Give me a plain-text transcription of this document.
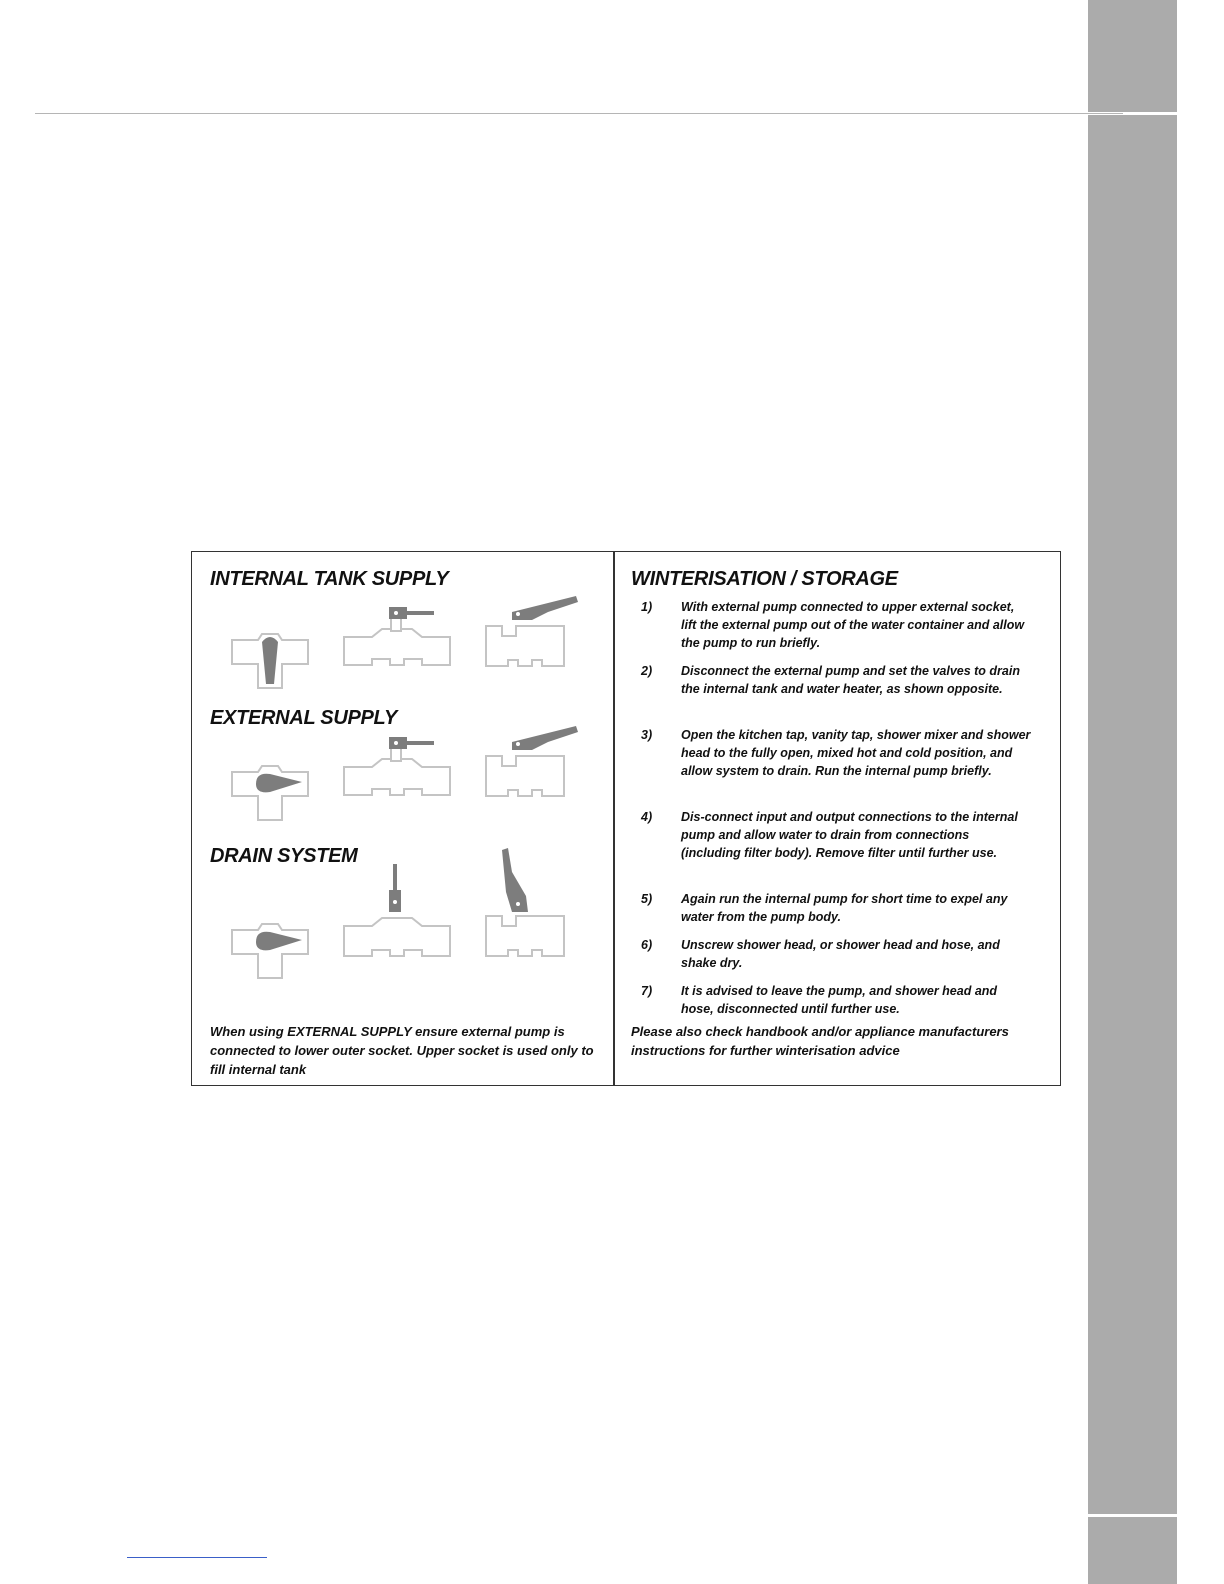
INTERNAL TANK SUPPLY
EXTERNAL SUPPLY
DRAIN SYSTEM
When using EXTERNAL SUPPLY ensure external pump is connected to lower outer socket. Upper socket is used only to fill internal tank
WINTERISATION / STORAGE
1)	With external pump connected to upper external socket, lift the external pump out of the water container and allow the pump to run briefly.
2)	Disconnect the external pump and set the valves to drain the internal tank and water heater, as shown opposite.
3)	Open the kitchen tap, vanity tap, shower mixer and shower head to the fully open, mixed hot and cold position, and allow system to drain. Run the internal pump briefly.
4)	Dis-connect input and output connections to the internal pump and allow water to drain from connections (including filter body). Remove filter until further use.
5)	Again run the internal pump for short time to expel any water from the pump body.
6)	Unscrew shower head, or shower head and hose, and shake dry.
7)	It is advised to leave the pump, and shower head and hose, disconnected until further use.
Please also check handbook and/or appliance manufacturers instructions for further winterisation advice
